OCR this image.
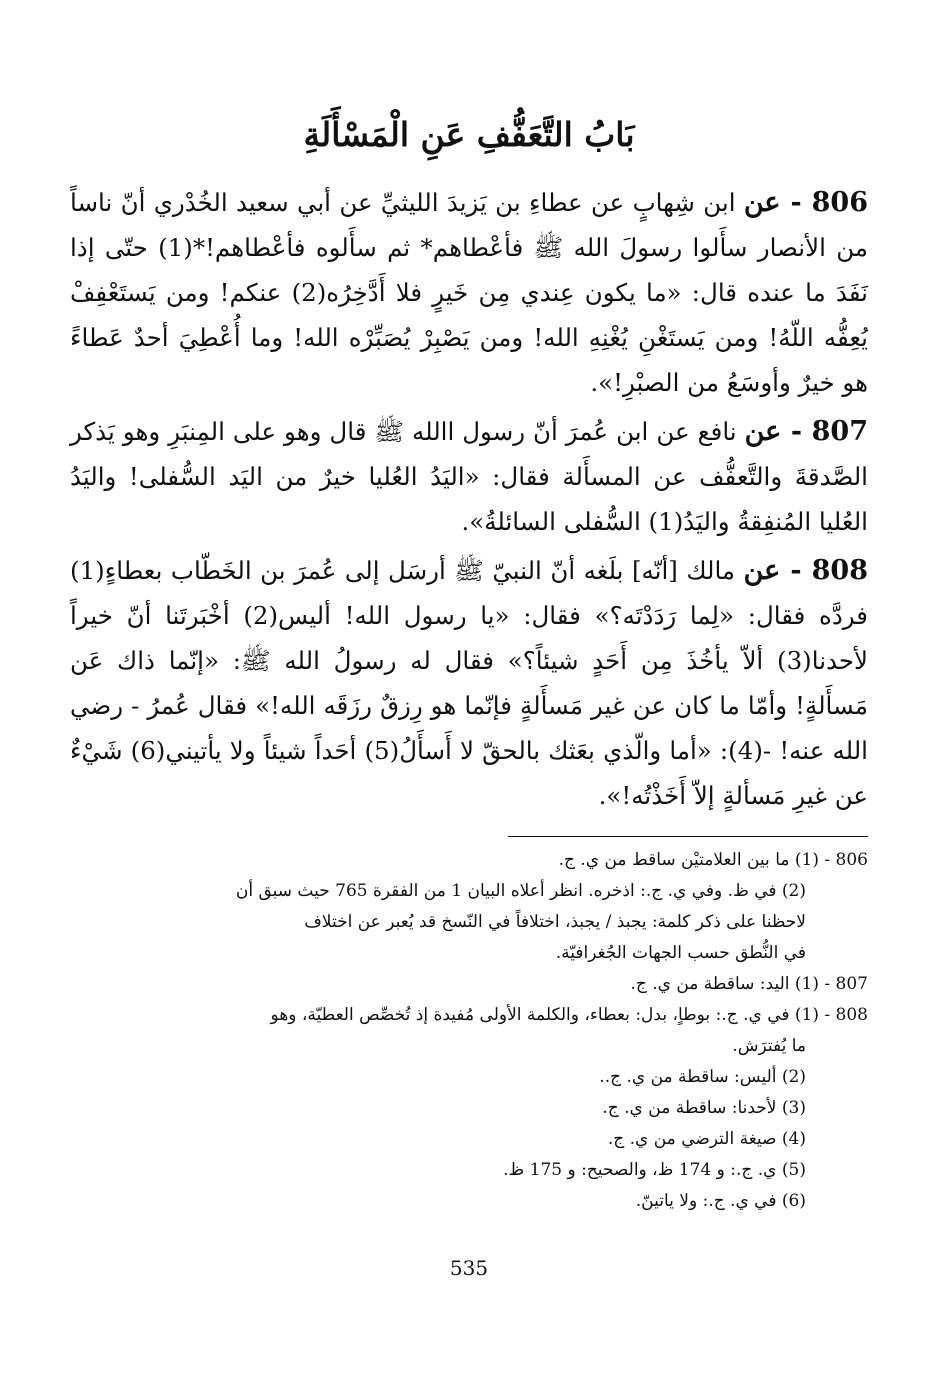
بَابُ التَّعَفُّفِ عَنِ الْمَسْأَلَةِ

806 - عن ابن شِهابٍ عن عطاءِ بن يَزيدَ الليثيِّ عن أبي سعيد الخُدْري أنّ ناساً من الأنصار سأَلوا رسولَ الله ﷺ فأعْطاهم* ثم سأَلوه فأعْطاهم!*(1) حتّى إذا نَفَدَ ما عنده قال: «ما يكون عِندي مِن خَيرٍ فلا أَدَّخِرُه(2) عنكم! ومن يَستَعْفِفْ يُعِفُّه اللّهُ! ومن يَستَغْنِ يُغْنِهِ الله! ومن يَصْبِرْ يُصَبِّرْه الله! وما أُعْطِيَ أحدٌ عَطاءً هو خيرٌ وأوسَعُ من الصبْرِ!».

807 - عن نافع عن ابن عُمرَ أنّ رسول االله ﷺ قال وهو على المِنبَرِ وهو يَذكر الصَّدقةَ والتَّعفُّف عن المسأَلة فقال: «اليَدُ العُليا خيرٌ من اليَد السُّفلى! واليَدُ العُليا المُنفِقةُ واليَدُ(1) السُّفلى السائلةُ».

808 - عن مالك [أنّه] بلَغه أنّ النبيّ ﷺ أرسَل إلى عُمرَ بن الخَطّاب بعطاءٍ(1) فردَّه فقال: «لِما رَدَدْتَه؟» فقال: «يا رسول الله! أليس(2) أخْبَرتَنا أنّ خيراً لأحدنا(3) ألاّ يأخُذَ مِن أَحَدٍ شيئاً؟» فقال له رسولُ الله ﷺ: «إنّما ذاك عَن مَسأَلةٍ! وأمّا ما كان عن غير مَسأَلةٍ فإنّما هو رِزقٌ رزَقَه الله!» فقال عُمرُ - رضي الله عنه! -(4): «أما والّذي بعَثك بالحقّ لا أَسأَلُ(5) أحَداً شيئاً ولا يأتيني(6) شَيْءٌ عن غيرِ مَسألةٍ إلاّ أَخَذْتُه!».

806 - (1) ما بين العلامتيْن ساقط من ي. ج.
(2) في ظ. وفي ي. ج.: اذخره. انظر أعلاه البيان 1 من الفقرة 765 حيث سبق أن
لاحظنا على ذكر كلمة: يجبذ / يجبذ، اختلافاً في النّسخ قد يُعبر عن اختلاف
في النُّطق حسب الجهات الجُغرافيّة.
807 - (1) اليد: ساقطة من ي. ج.
808 - (1) في ي. ج.: بوطاٍ، بدل: بعطاء، والكلمة الأولى مُفيدة إذ تُخصِّص العطيّة، وهو
ما يُفترَش.
(2) أليس: ساقطة من ي. ج..
(3) لأحدنا: ساقطة من ي. ج.
(4) صيغة الترضي من ي. ج.
(5) ي. ج.: و 174 ظ، والصحيح: و 175 ظ.
(6) في ي. ج.: ولا ياتينّ.
535
